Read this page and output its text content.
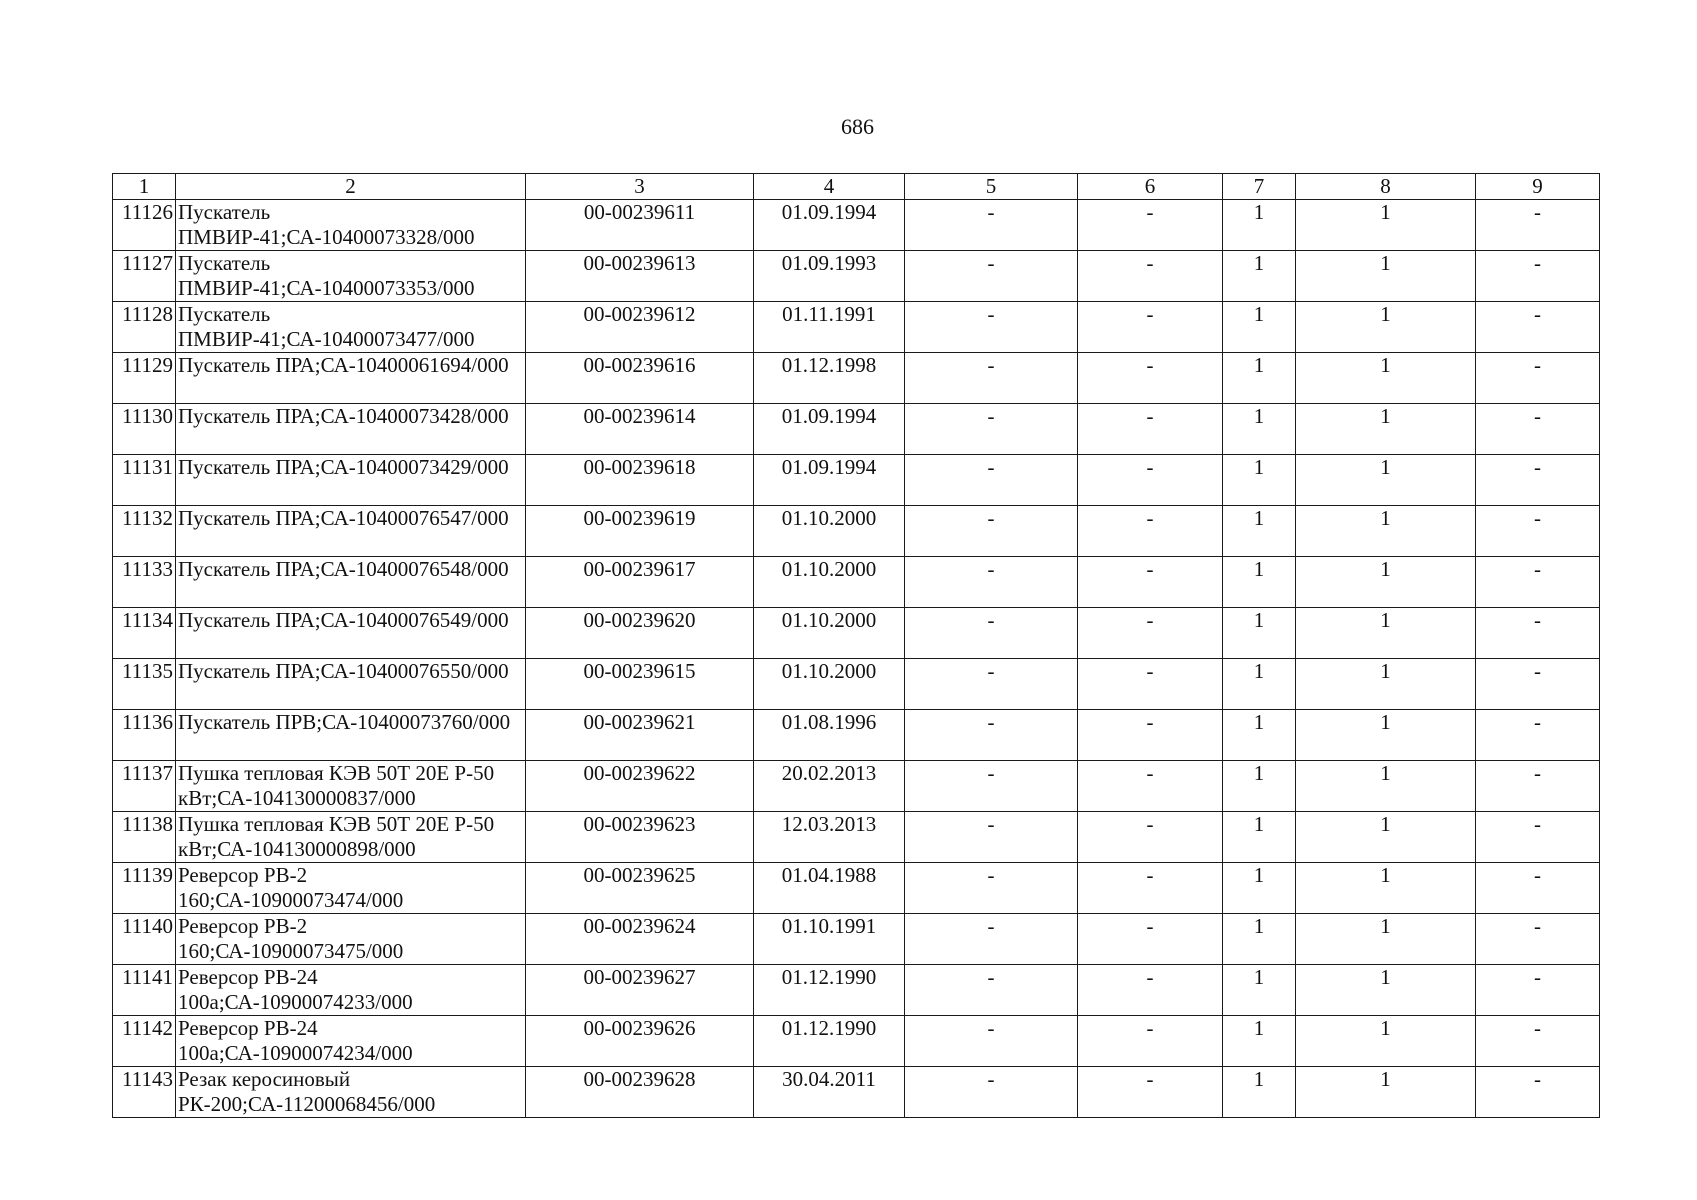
686
1	2	3	4	5	6	7	8	9
11126	Пускатель ПМВИР-41;СА-10400073328/000	00-00239611	01.09.1994	-	-	1	1	-
11127	Пускатель ПМВИР-41;СА-10400073353/000	00-00239613	01.09.1993	-	-	1	1	-
11128	Пускатель ПМВИР-41;СА-10400073477/000	00-00239612	01.11.1991	-	-	1	1	-
11129	Пускатель ПРА;СА-10400061694/000	00-00239616	01.12.1998	-	-	1	1	-
11130	Пускатель ПРА;СА-10400073428/000	00-00239614	01.09.1994	-	-	1	1	-
11131	Пускатель ПРА;СА-10400073429/000	00-00239618	01.09.1994	-	-	1	1	-
11132	Пускатель ПРА;СА-10400076547/000	00-00239619	01.10.2000	-	-	1	1	-
11133	Пускатель ПРА;СА-10400076548/000	00-00239617	01.10.2000	-	-	1	1	-
11134	Пускатель ПРА;СА-10400076549/000	00-00239620	01.10.2000	-	-	1	1	-
11135	Пускатель ПРА;СА-10400076550/000	00-00239615	01.10.2000	-	-	1	1	-
11136	Пускатель ПРВ;СА-10400073760/000	00-00239621	01.08.1996	-	-	1	1	-
11137	Пушка тепловая КЭВ 50Т 20Е Р-50 кВт;СА-104130000837/000	00-00239622	20.02.2013	-	-	1	1	-
11138	Пушка тепловая КЭВ 50Т 20Е Р-50 кВт;СА-104130000898/000	00-00239623	12.03.2013	-	-	1	1	-
11139	Реверсор РВ-2 160;СА-10900073474/000	00-00239625	01.04.1988	-	-	1	1	-
11140	Реверсор РВ-2 160;СА-10900073475/000	00-00239624	01.10.1991	-	-	1	1	-
11141	Реверсор РВ-24 100а;СА-10900074233/000	00-00239627	01.12.1990	-	-	1	1	-
11142	Реверсор РВ-24 100а;СА-10900074234/000	00-00239626	01.12.1990	-	-	1	1	-
11143	Резак керосиновый РК-200;СА-11200068456/000	00-00239628	30.04.2011	-	-	1	1	-
